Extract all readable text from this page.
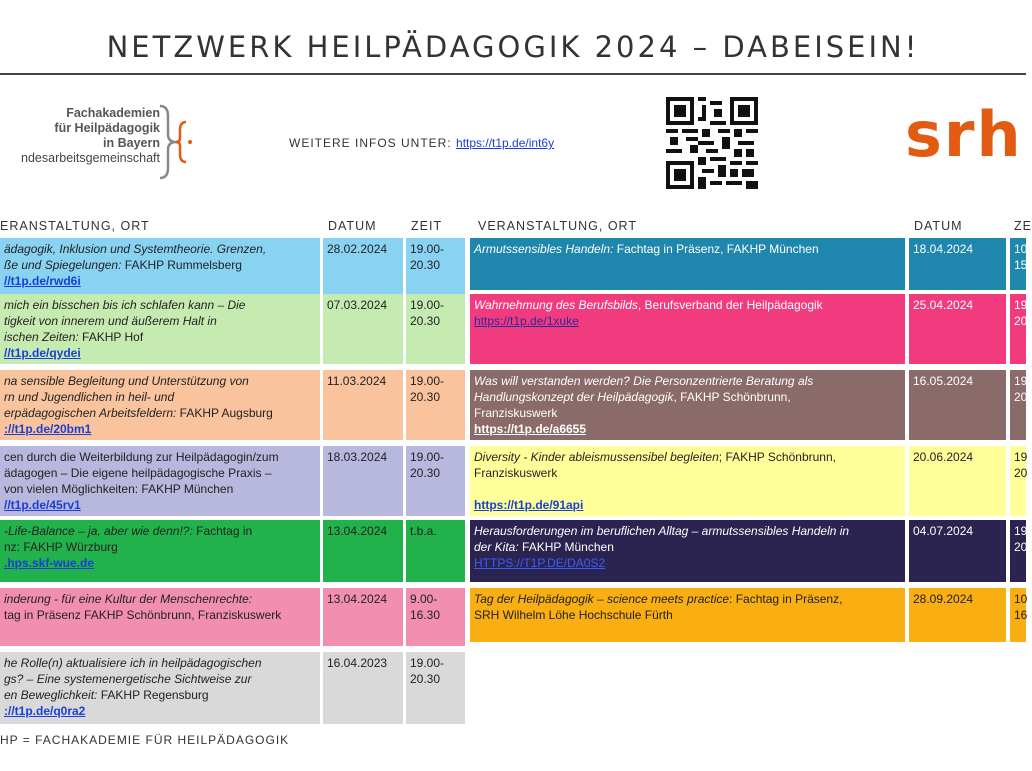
NETZWERK HEILPÄDAGOGIK 2024 – DABEISEIN!
Fachakademien
für Heilpädagogik
in Bayern
ndesarbeitsgemeinschaft
WEITERE INFOS UNTER: https://t1p.de/int6y	srh
ERANSTALTUNG, ORT	DATUM	ZEIT	VERANSTALTUNG, ORT	DATUM	ZE
ädagogik, Inklusion und Systemtheorie. Grenzen,
ße und Spiegelungen: FAKHP Rummelsberg
//t1p.de/rwd6i
28.02.2024	19.00-
20.30
mich ein bisschen bis ich schlafen kann – Die
tigkeit von innerem und äußerem Halt in
ischen Zeiten: FAKHP Hof
//t1p.de/qydei
07.03.2024	19.00-
20.30
na sensible Begleitung und Unterstützung von
rn und Jugendlichen in heil- und
erpädagogischen Arbeitsfeldern: FAKHP Augsburg
://t1p.de/20bm1
11.03.2024	19.00-
20.30
cen durch die Weiterbildung zur Heilpädagogin/zum
ädagogen – Die eigene heilpädagogische Praxis –
von vielen Möglichkeiten: FAKHP München
//t1p.de/45rv1
18.03.2024	19.00-
20.30
-Life-Balance – ja, aber wie denn!?: Fachtag in
nz: FAKHP Würzburg
.hps.skf-wue.de
13.04.2024	t.b.a.

inderung - für eine Kultur der Menschenrechte:
tag in Präsenz FAKHP Schönbrunn, Franziskuswerk
13.04.2024	9.00-
16.30
he Rolle(n) aktualisiere ich in heilpädagogischen
gs? – Eine systemenergetische Sichtweise zur
en Beweglichkeit: FAKHP Regensburg
://t1p.de/q0ra2
16.04.2023	19.00-
20.30
Armutssensibles Handeln: Fachtag in Präsenz, FAKHP München	18.04.2024	10
15
Wahrnehmung des Berufsbilds, Berufsverband der Heilpädagogik
https://t1p.de/1xuke
25.04.2024	19
20
Was will verstanden werden? Die Personzentrierte Beratung als
Handlungskonzept der Heilpädagogik, FAKHP Schönbrunn,
Franziskuswerk
https://t1p.de/a6655
16.05.2024	19
20
Diversity - Kinder ableismussensibel begleiten; FAKHP Schönbrunn,
Franziskuswerk

https://t1p.de/91api
20.06.2024	19
20
Herausforderungen im beruflichen Alltag – armutssensibles Handeln in
der Kita: FAKHP München
HTTPS://T1P.DE/DA0S2
04.07.2024	19
20
Tag der Heilpädagogik – science meets practice: Fachtag in Präsenz,
SRH Wilhelm Löhe Hochschule Fürth
28.09.2024	10
16
HP = FACHAKADEMIE FÜR HEILPÄDAGOGIK
